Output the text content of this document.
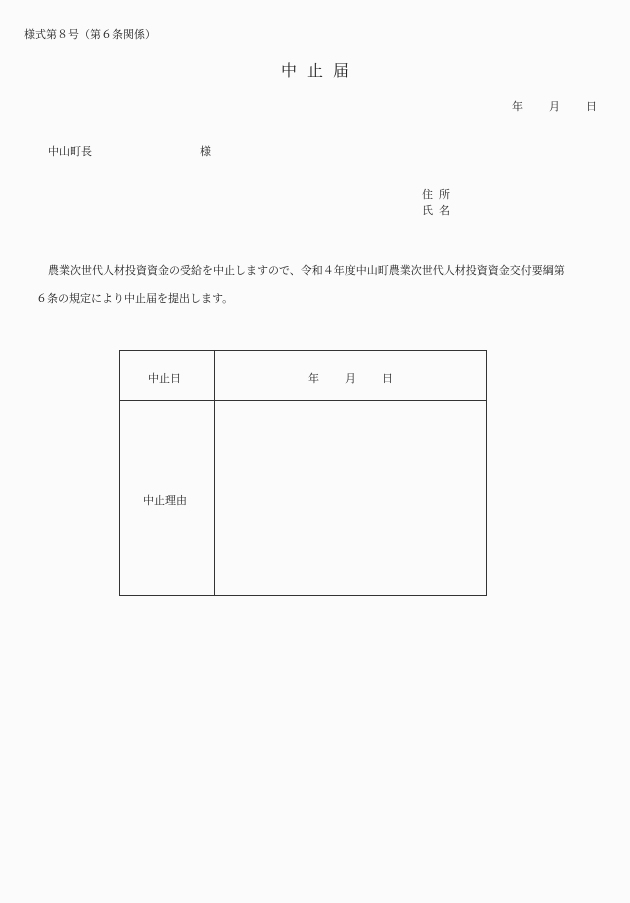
様式第８号（第６条関係）
中止届
年 月 日
中山町長	様
住所
氏名
農業次世代人材投資資金の受給を中止しますので、令和４年度中山町農業次世代人材投資資金交付要綱第
６条の規定により中止届を提出します。
中止日	年 月 日
中止理由
